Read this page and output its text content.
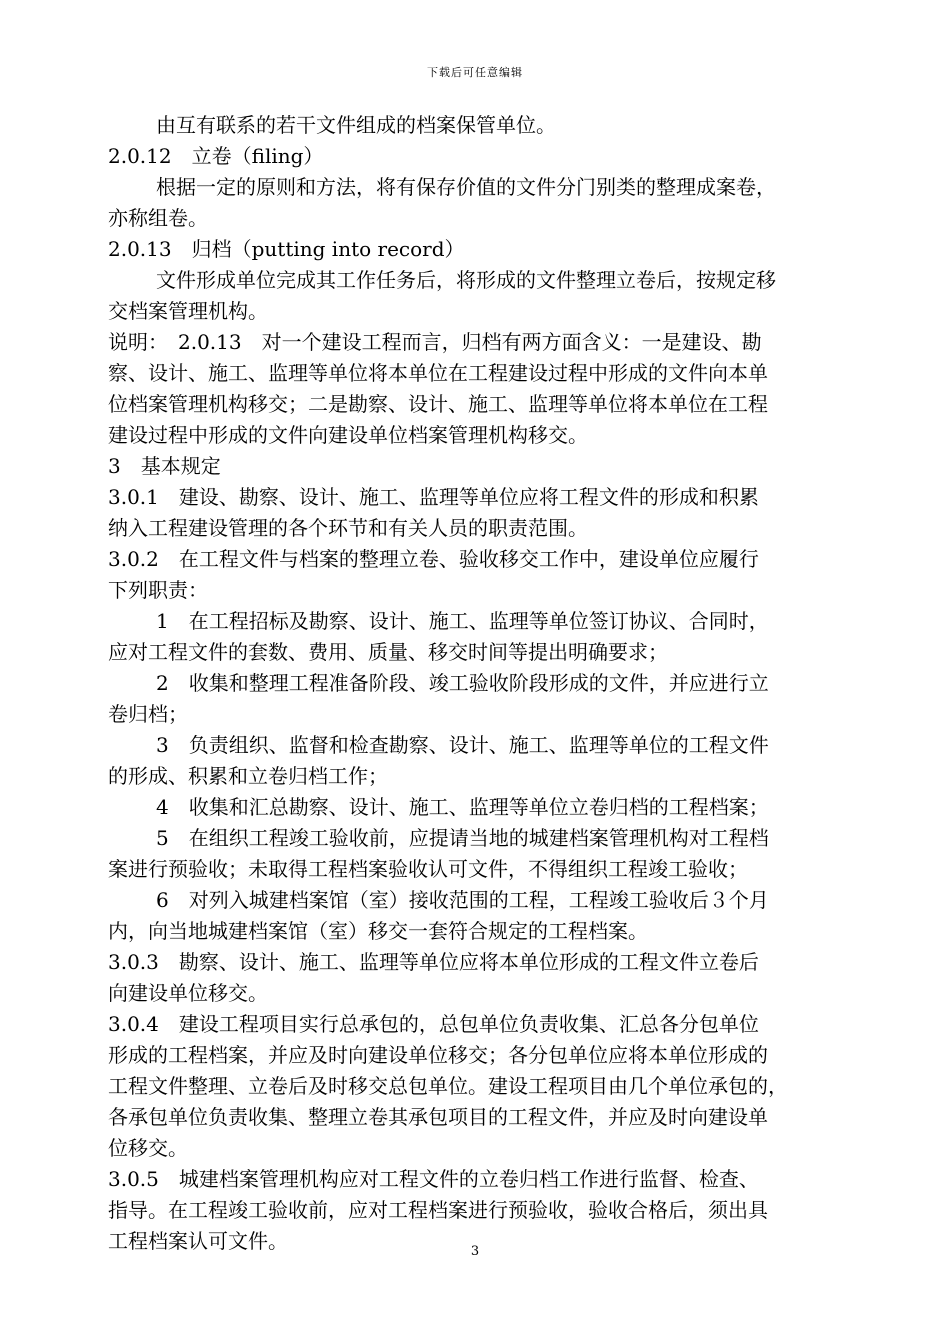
下载后可任意编辑
由互有联系的若干文件组成的档案保管单位。
2.0.12　立卷（filing）
根据一定的原则和方法，将有保存价值的文件分门别类的整理成案卷，
亦称组卷。
2.0.13　归档（putting into record）
文件形成单位完成其工作任务后，将形成的文件整理立卷后，按规定移
交档案管理机构。
说明：　2.0.13　对一个建设工程而言，归档有两方面含义：一是建设、勘
察、设计、施工、监理等单位将本单位在工程建设过程中形成的文件向本单
位档案管理机构移交；二是勘察、设计、施工、监理等单位将本单位在工程
建设过程中形成的文件向建设单位档案管理机构移交。
3　基本规定
3.0.1　建设、勘察、设计、施工、监理等单位应将工程文件的形成和积累
纳入工程建设管理的各个环节和有关人员的职责范围。
3.0.2　在工程文件与档案的整理立卷、验收移交工作中，建设单位应履行
下列职责：
1　在工程招标及勘察、设计、施工、监理等单位签订协议、合同时，
应对工程文件的套数、费用、质量、移交时间等提出明确要求；
2　收集和整理工程准备阶段、竣工验收阶段形成的文件，并应进行立
卷归档；
3　负责组织、监督和检查勘察、设计、施工、监理等单位的工程文件
的形成、积累和立卷归档工作；
4　收集和汇总勘察、设计、施工、监理等单位立卷归档的工程档案；
5　在组织工程竣工验收前，应提请当地的城建档案管理机构对工程档
案进行预验收；未取得工程档案验收认可文件，不得组织工程竣工验收；
6　对列入城建档案馆（室）接收范围的工程，工程竣工验收后３个月
内，向当地城建档案馆（室）移交一套符合规定的工程档案。
3.0.3　勘察、设计、施工、监理等单位应将本单位形成的工程文件立卷后
向建设单位移交。
3.0.4　建设工程项目实行总承包的，总包单位负责收集、汇总各分包单位
形成的工程档案，并应及时向建设单位移交；各分包单位应将本单位形成的
工程文件整理、立卷后及时移交总包单位。建设工程项目由几个单位承包的，
各承包单位负责收集、整理立卷其承包项目的工程文件，并应及时向建设单
位移交。
3.0.5　城建档案管理机构应对工程文件的立卷归档工作进行监督、检查、
指导。在工程竣工验收前，应对工程档案进行预验收，验收合格后，须出具
工程档案认可文件。	3
